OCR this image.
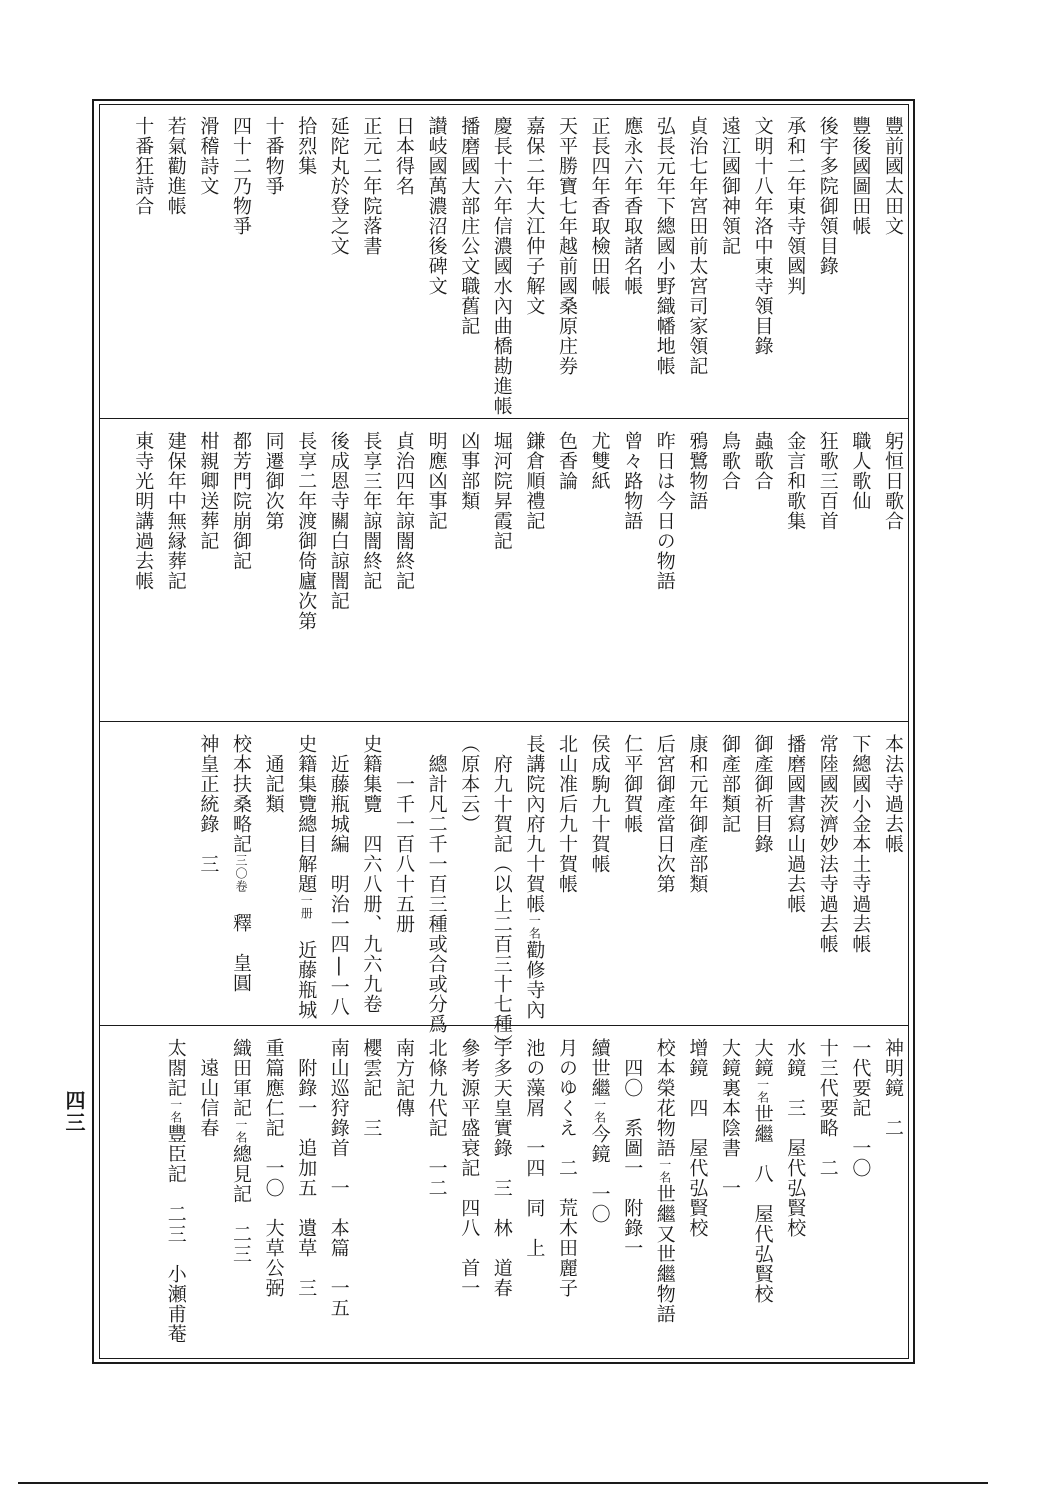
豐前國太田文
豐後國圖田帳
後宇多院御領目錄
承和二年東寺領國判
文明十八年洛中東寺領目錄
遠江國御神領記
貞治七年宮田前太宮司家領記
弘長元年下總國小野織幡地帳
應永六年香取諸名帳
正長四年香取檢田帳
天平勝寶七年越前國桑原庄券
嘉保二年大江仲子解文
慶長十六年信濃國水內曲橋勘進帳
播磨國大部庄公文職舊記
讃岐國萬濃沼後碑文
日本得名
正元二年院落書
延陀丸於登之文
拾烈集
十番物爭
四十二乃物爭
滑稽詩文
若氣勸進帳
十番狂詩合
躬恒日歌合
職人歌仙
狂歌三百首
金言和歌集
蟲歌合
鳥歌合
鴉鷺物語
昨日は今日の物語
曾々路物語
尤雙紙
色香論
鎌倉順禮記
堀河院昇霞記
凶事部類
明應凶事記
貞治四年諒闇終記
長享三年諒闇終記
後成恩寺關白諒闇記
長享二年渡御倚廬次第
同遷御次第
都芳門院崩御記
柑親卿送葬記
建保年中無縁葬記
東寺光明講過去帳
本法寺過去帳
下總國小金本土寺過去帳
常陸國茨濟妙法寺過去帳
播磨國書寫山過去帳
御產御祈目錄
御產部類記
康和元年御產部類
后宮御產當日次第
仁平御賀帳
侯成駒九十賀帳
北山准后九十賀帳
長講院內府九十賀帳一名勸修寺內
　府九十賀記（以上二百三十七種）
（原本云）
　總計凡二千一百三種或合或分爲
　　一千一百八十五册
史籍集覽　四六八册、九六九卷
　近藤瓶城編　明治一四|一八
史籍集覽總目解題一册　近藤瓶城
　通記類
校本扶桑略記三〇卷　釋　皇圓
神皇正統錄　三
神明鏡　二
一代要記　一〇
十三代要略　二
水鏡　三　屋代弘賢校
大鏡一名世繼　八　屋代弘賢校
大鏡裏本陰書　一
增鏡　四　屋代弘賢校
校本榮花物語一名世繼又世繼物語
　四〇　系圖一　附錄一
續世繼一名今鏡　一〇
月のゆくえ　二　荒木田麗子
池の藻屑　一四　同　上
宇多天皇實錄　三　林　道春
參考源平盛衰記　四八　首一
北條九代記　一二
南方記傳
櫻雲記　三
南山巡狩錄首　一　本篇　一五
　附錄一　追加五　遺草　三
重篇應仁記　一〇　大草公弼
織田軍記一名總見記　二三
　遠山信春
太閤記一名豐臣記　二三　小瀬甫菴
四三
